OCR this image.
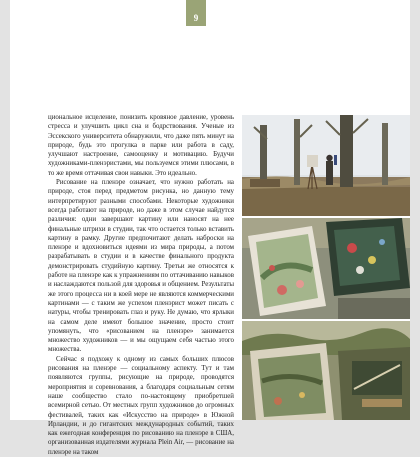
9

циональное исцеление, понизить кровяное давление, уровень стресса и улучшить цикл сна и бодрствования. Ученые из Эссекского университета обнаружили, что даже пять минут на природе, будь это прогулка в парке или работа в саду, улучшают настроение, самооценку и мотивацию. Будучи художниками-пленэристами, мы пользуемся этими плюсами, в то же время оттачивая свои навыки. Это идеально.

Рисование на пленэре означает, что нужно работать на природе, стоя перед предметом рисунка, но данную тему интерпретируют разными способами. Некоторые художники всегда работают на природе, но даже в этом случае найдутся различия: одни завершают картину или наносят на нее финальные штрихи в студии, так что остается только вставить картину в рамку. Другие предпочитают делать наброски на пленэре и вдохновиться идеями из мира природы, а потом разрабатывать в студии и в качестве финального продукта демонстрировать студийную картину. Третьи же относятся к работе на пленэре как к упражнениям по оттачиванию навыков и наслаждаются пользой для здоровья и общением. Результаты же этого процесса ни в коей мере не являются коммерческими картинами — с таким же успехом пленэрист может писать с натуры, чтобы тренировать глаз и руку. Не думаю, что ярлыки на самом деле имеют большое значение, просто стоит упомянуть, что «рисованием на пленэре» занимается множество художников — и мы ощущаем себя частью этого множества.

Сейчас я подхожу к одному из самых больших плюсов рисования на пленэре — социальному аспекту. Тут и там появляются группы, рисующие на природе, проводятся мероприятия и соревнования, а благодаря социальным сетям наше сообщество стало по-настоящему приобретшей всемирной сетью. От местных групп художников до огромных фестивалей, таких как «Искусство на природе» в Южной Ирландии, и до гигантских международных событий, таких как ежегодная конференция по рисованию на пленэре в США, организованная издателями журнала Plein Air, — рисование на пленэре на таком
